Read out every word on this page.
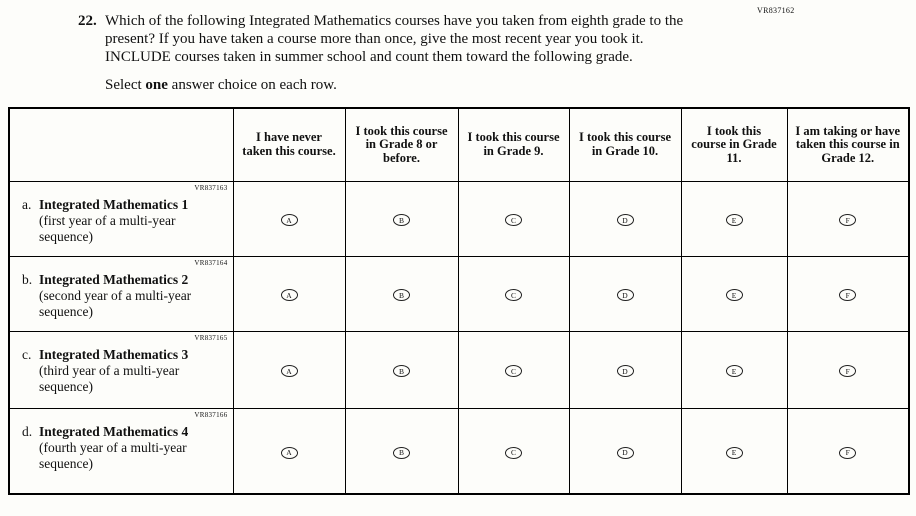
VR837162
22. Which of the following Integrated Mathematics courses have you taken from eighth grade to the present? If you have taken a course more than once, give the most recent year you took it. INCLUDE courses taken in summer school and count them toward the following grade.

Select one answer choice on each row.

	I have never taken this course.	I took this course in Grade 8 or before.	I took this course in Grade 9.	I took this course in Grade 10.	I took this course in Grade 11.	I am taking or have taken this course in Grade 12.

VR837163
a. Integrated Mathematics 1
(first year of a multi-year sequence)	A	B	C	D	E	F

VR837164
b. Integrated Mathematics 2
(second year of a multi-year sequence)	A	B	C	D	E	F

VR837165
c. Integrated Mathematics 3
(third year of a multi-year sequence)	A	B	C	D	E	F

VR837166
d. Integrated Mathematics 4
(fourth year of a multi-year sequence)	A	B	C	D	E	F
